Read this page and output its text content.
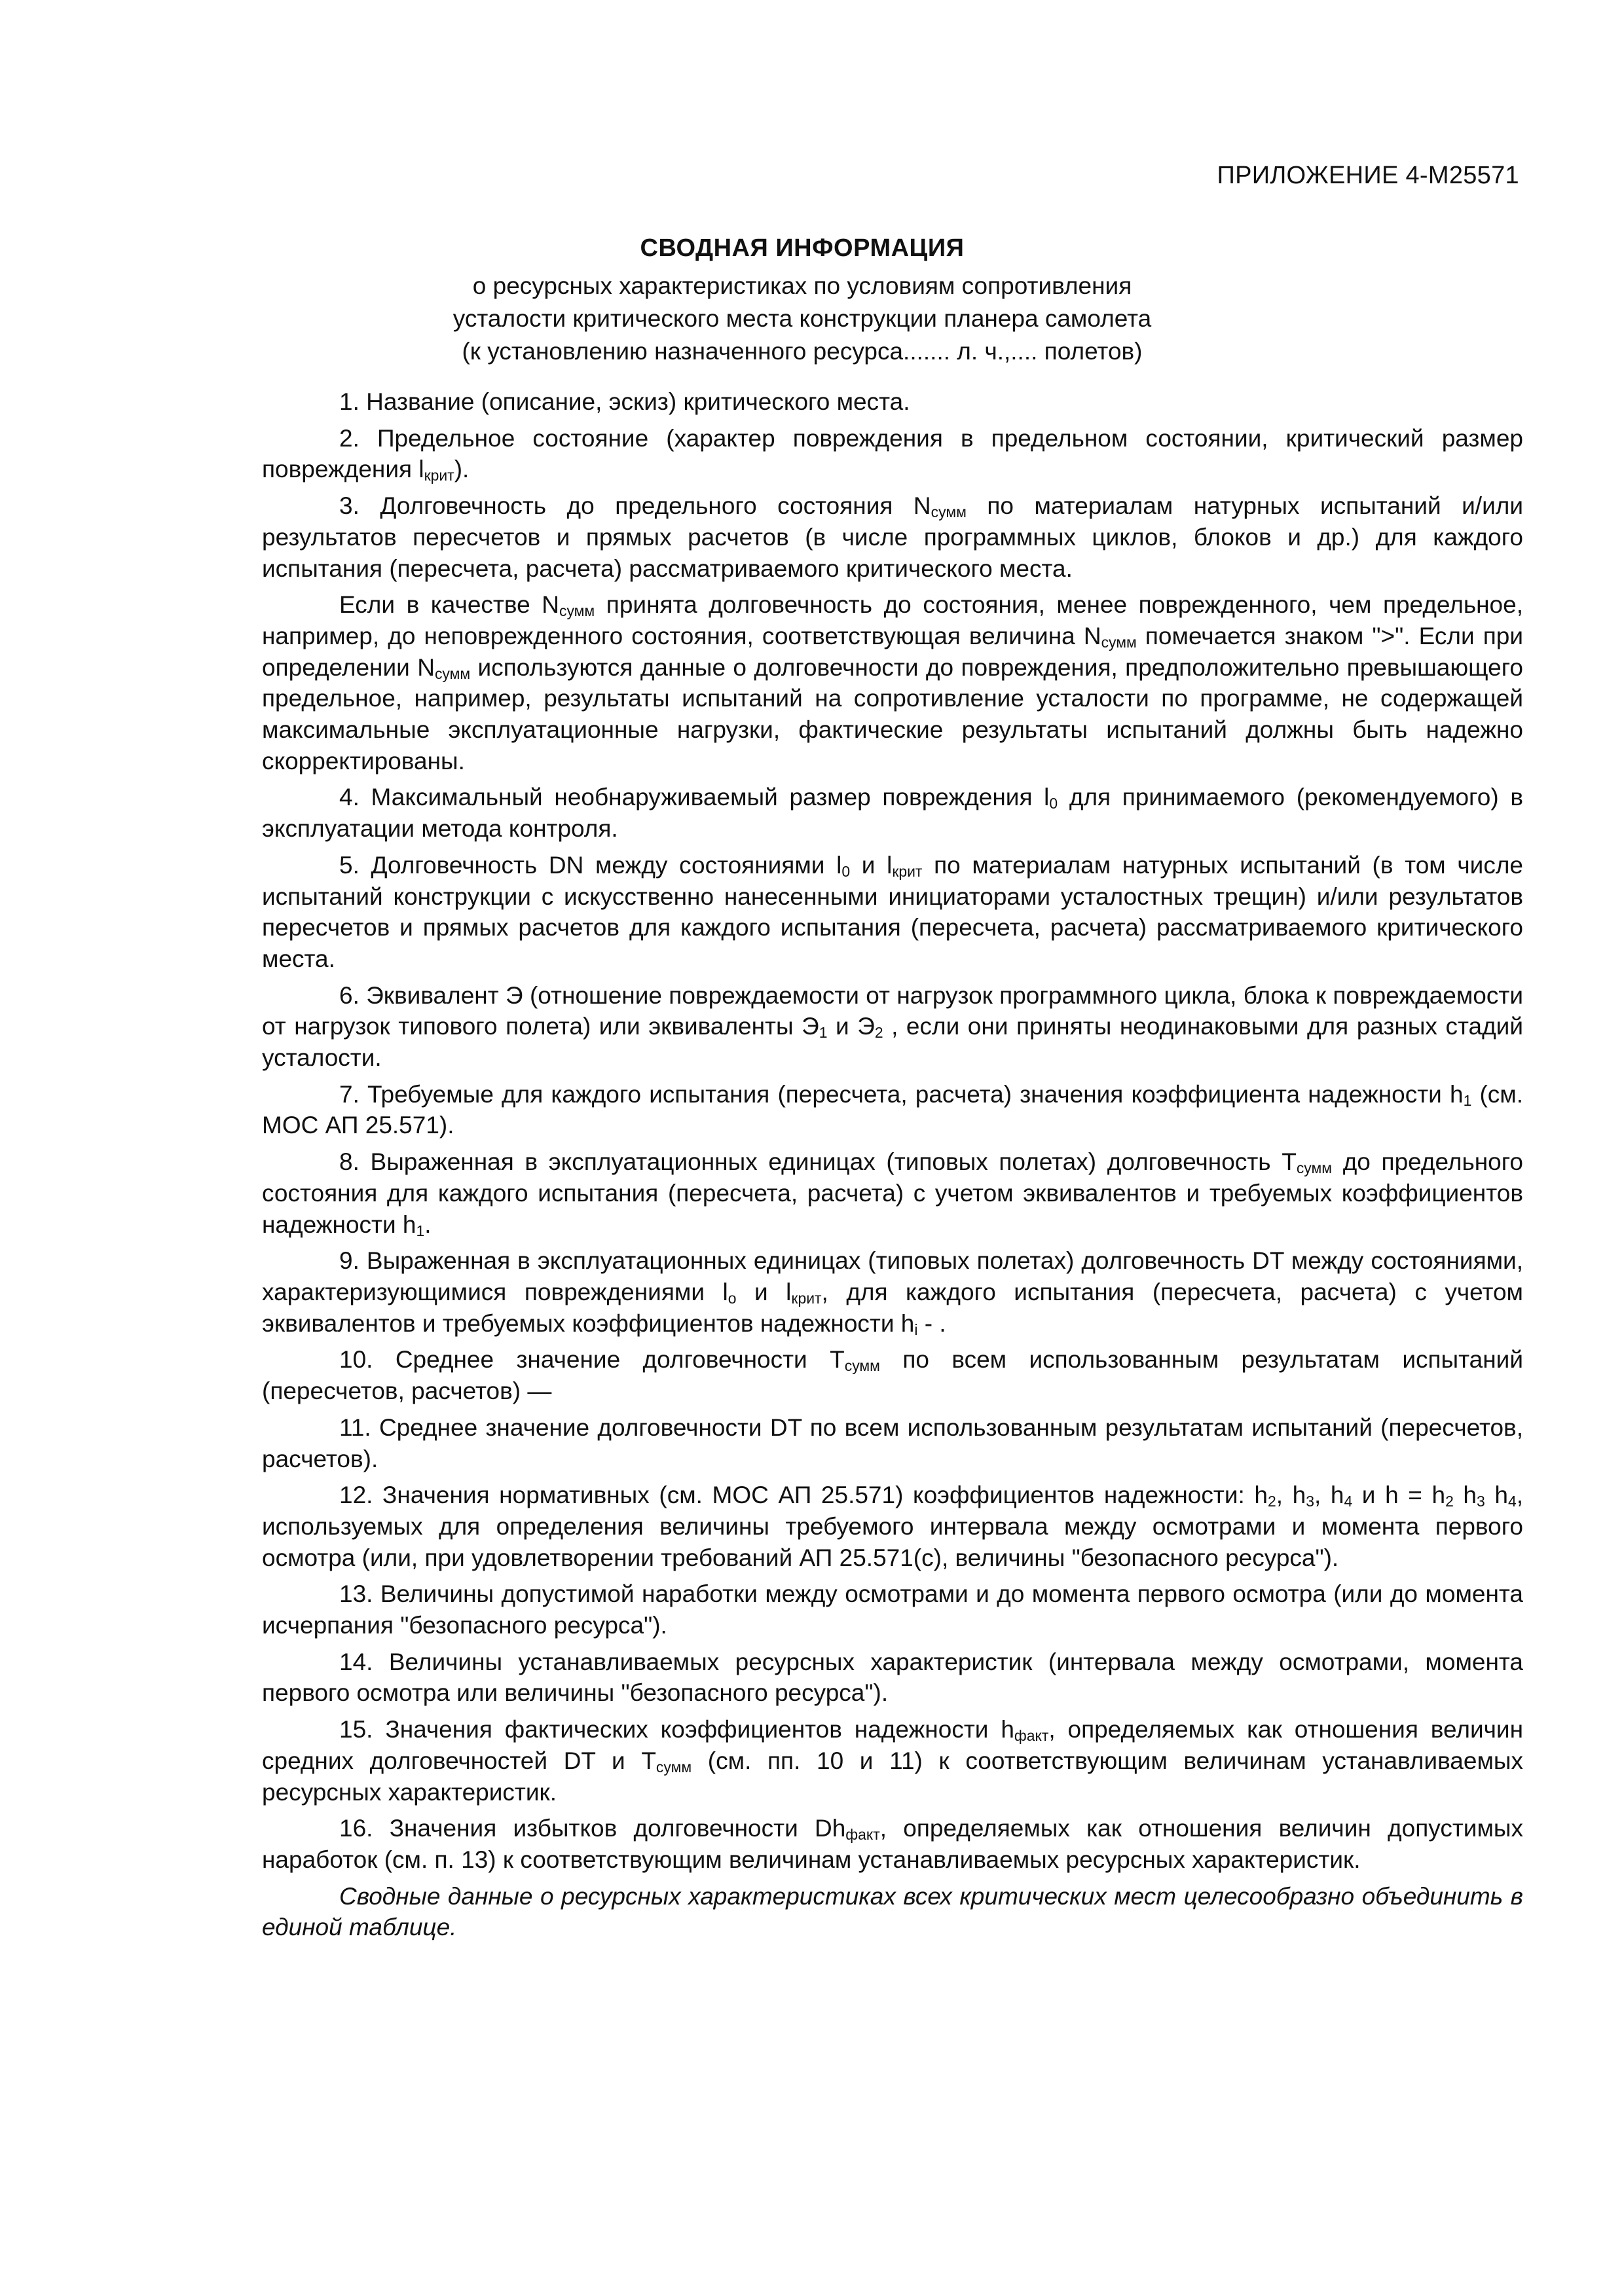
ПРИЛОЖЕНИЕ 4-М25571
СВОДНАЯ ИНФОРМАЦИЯ
о ресурсных характеристиках по условиям сопротивления
усталости критического места конструкции планера самолета
(к установлению назначенного ресурса....... л. ч.,.... полетов)

1. Название (описание, эскиз) критического места.

2. Предельное состояние (характер повреждения в предельном состоянии, критический размер повреждения $l_{крит}$).

3. Долговечность до предельного состояния $N_{сумм}$ по материалам натурных испытаний и/или результатов пересчетов и прямых расчетов (в числе программных циклов, блоков и др.) для каждого испытания (пересчета, расчета) рассматриваемого критического места.

Если в качестве $N_{сумм}$ принята долговечность до состояния, менее поврежденного, чем предельное, например, до неповрежденного состояния, соответствующая величина $N_{сумм}$ помечается знаком ">". Если при определении $N_{сумм}$ используются данные о долговечности до повреждения, предположительно превышающего предельное, например, результаты испытаний на сопротивление усталости по программе, не содержащей максимальные эксплуатационные нагрузки, фактические результаты испытаний должны быть надежно скорректированы.

4. Максимальный необнаруживаемый размер повреждения $l_0$ для принимаемого (рекомендуемого) в эксплуатации метода контроля.

5. Долговечность DN между состояниями $l_0$ и $l_{крит}$ по материалам натурных испытаний (в том числе испытаний конструкции с искусственно нанесенными инициаторами усталостных трещин) и/или результатов пересчетов и прямых расчетов для каждого испытания (пересчета, расчета) рассматриваемого критического места.

6. Эквивалент Э (отношение повреждаемости от нагрузок программного цикла, блока к повреждаемости от нагрузок типового полета) или эквиваленты $Э_1$ и $Э_2$ , если они приняты неодинаковыми для разных стадий усталости.

7. Требуемые для каждого испытания (пересчета, расчета) значения коэффициента надежности $h_1$ (см. МОС АП 25.571).

8. Выраженная в эксплуатационных единицах (типовых полетах) долговечность $T_{сумм}$ до предельного состояния для каждого испытания (пересчета, расчета) с учетом эквивалентов и требуемых коэффициентов надежности $h_1$.

9. Выраженная в эксплуатационных единицах (типовых полетах) долговечность DT между состояниями, характеризующимися повреждениями $l_o$ и $l_{крит}$, для каждого испытания (пересчета, расчета) с учетом эквивалентов и требуемых коэффициентов надежности $h_i$ - .

10. Среднее значение долговечности $T_{сумм}$ по всем использованным результатам испытаний (пересчетов, расчетов) —

11. Среднее значение долговечности DT по всем использованным результатам испытаний (пересчетов, расчетов).

12. Значения нормативных (см. МОС АП 25.571) коэффициентов надежности: $h_2$, $h_3$, $h_4$ и $h = h_2$ $h_3$ $h_4$, используемых для определения величины требуемого интервала между осмотрами и момента первого осмотра (или, при удовлетворении требований АП 25.571(с), величины "безопасного ресурса").

13. Величины допустимой наработки между осмотрами и до момента первого осмотра (или до момента исчерпания "безопасного ресурса").

14. Величины устанавливаемых ресурсных характеристик (интервала между осмотрами, момента первого осмотра или величины "безопасного ресурса").

15. Значения фактических коэффициентов надежности $h_{факт}$, определяемых как отношения величин средних долговечностей DT и $T_{сумм}$ (см. пп. 10 и 11) к соответствующим величинам устанавливаемых ресурсных характеристик.

16. Значения избытков долговечности $Dh_{факт}$, определяемых как отношения величин допустимых наработок (см. п. 13) к соответствующим величинам устанавливаемых ресурсных характеристик.

Сводные данные о ресурсных характеристиках всех критических мест целесообразно объединить в единой таблице.
